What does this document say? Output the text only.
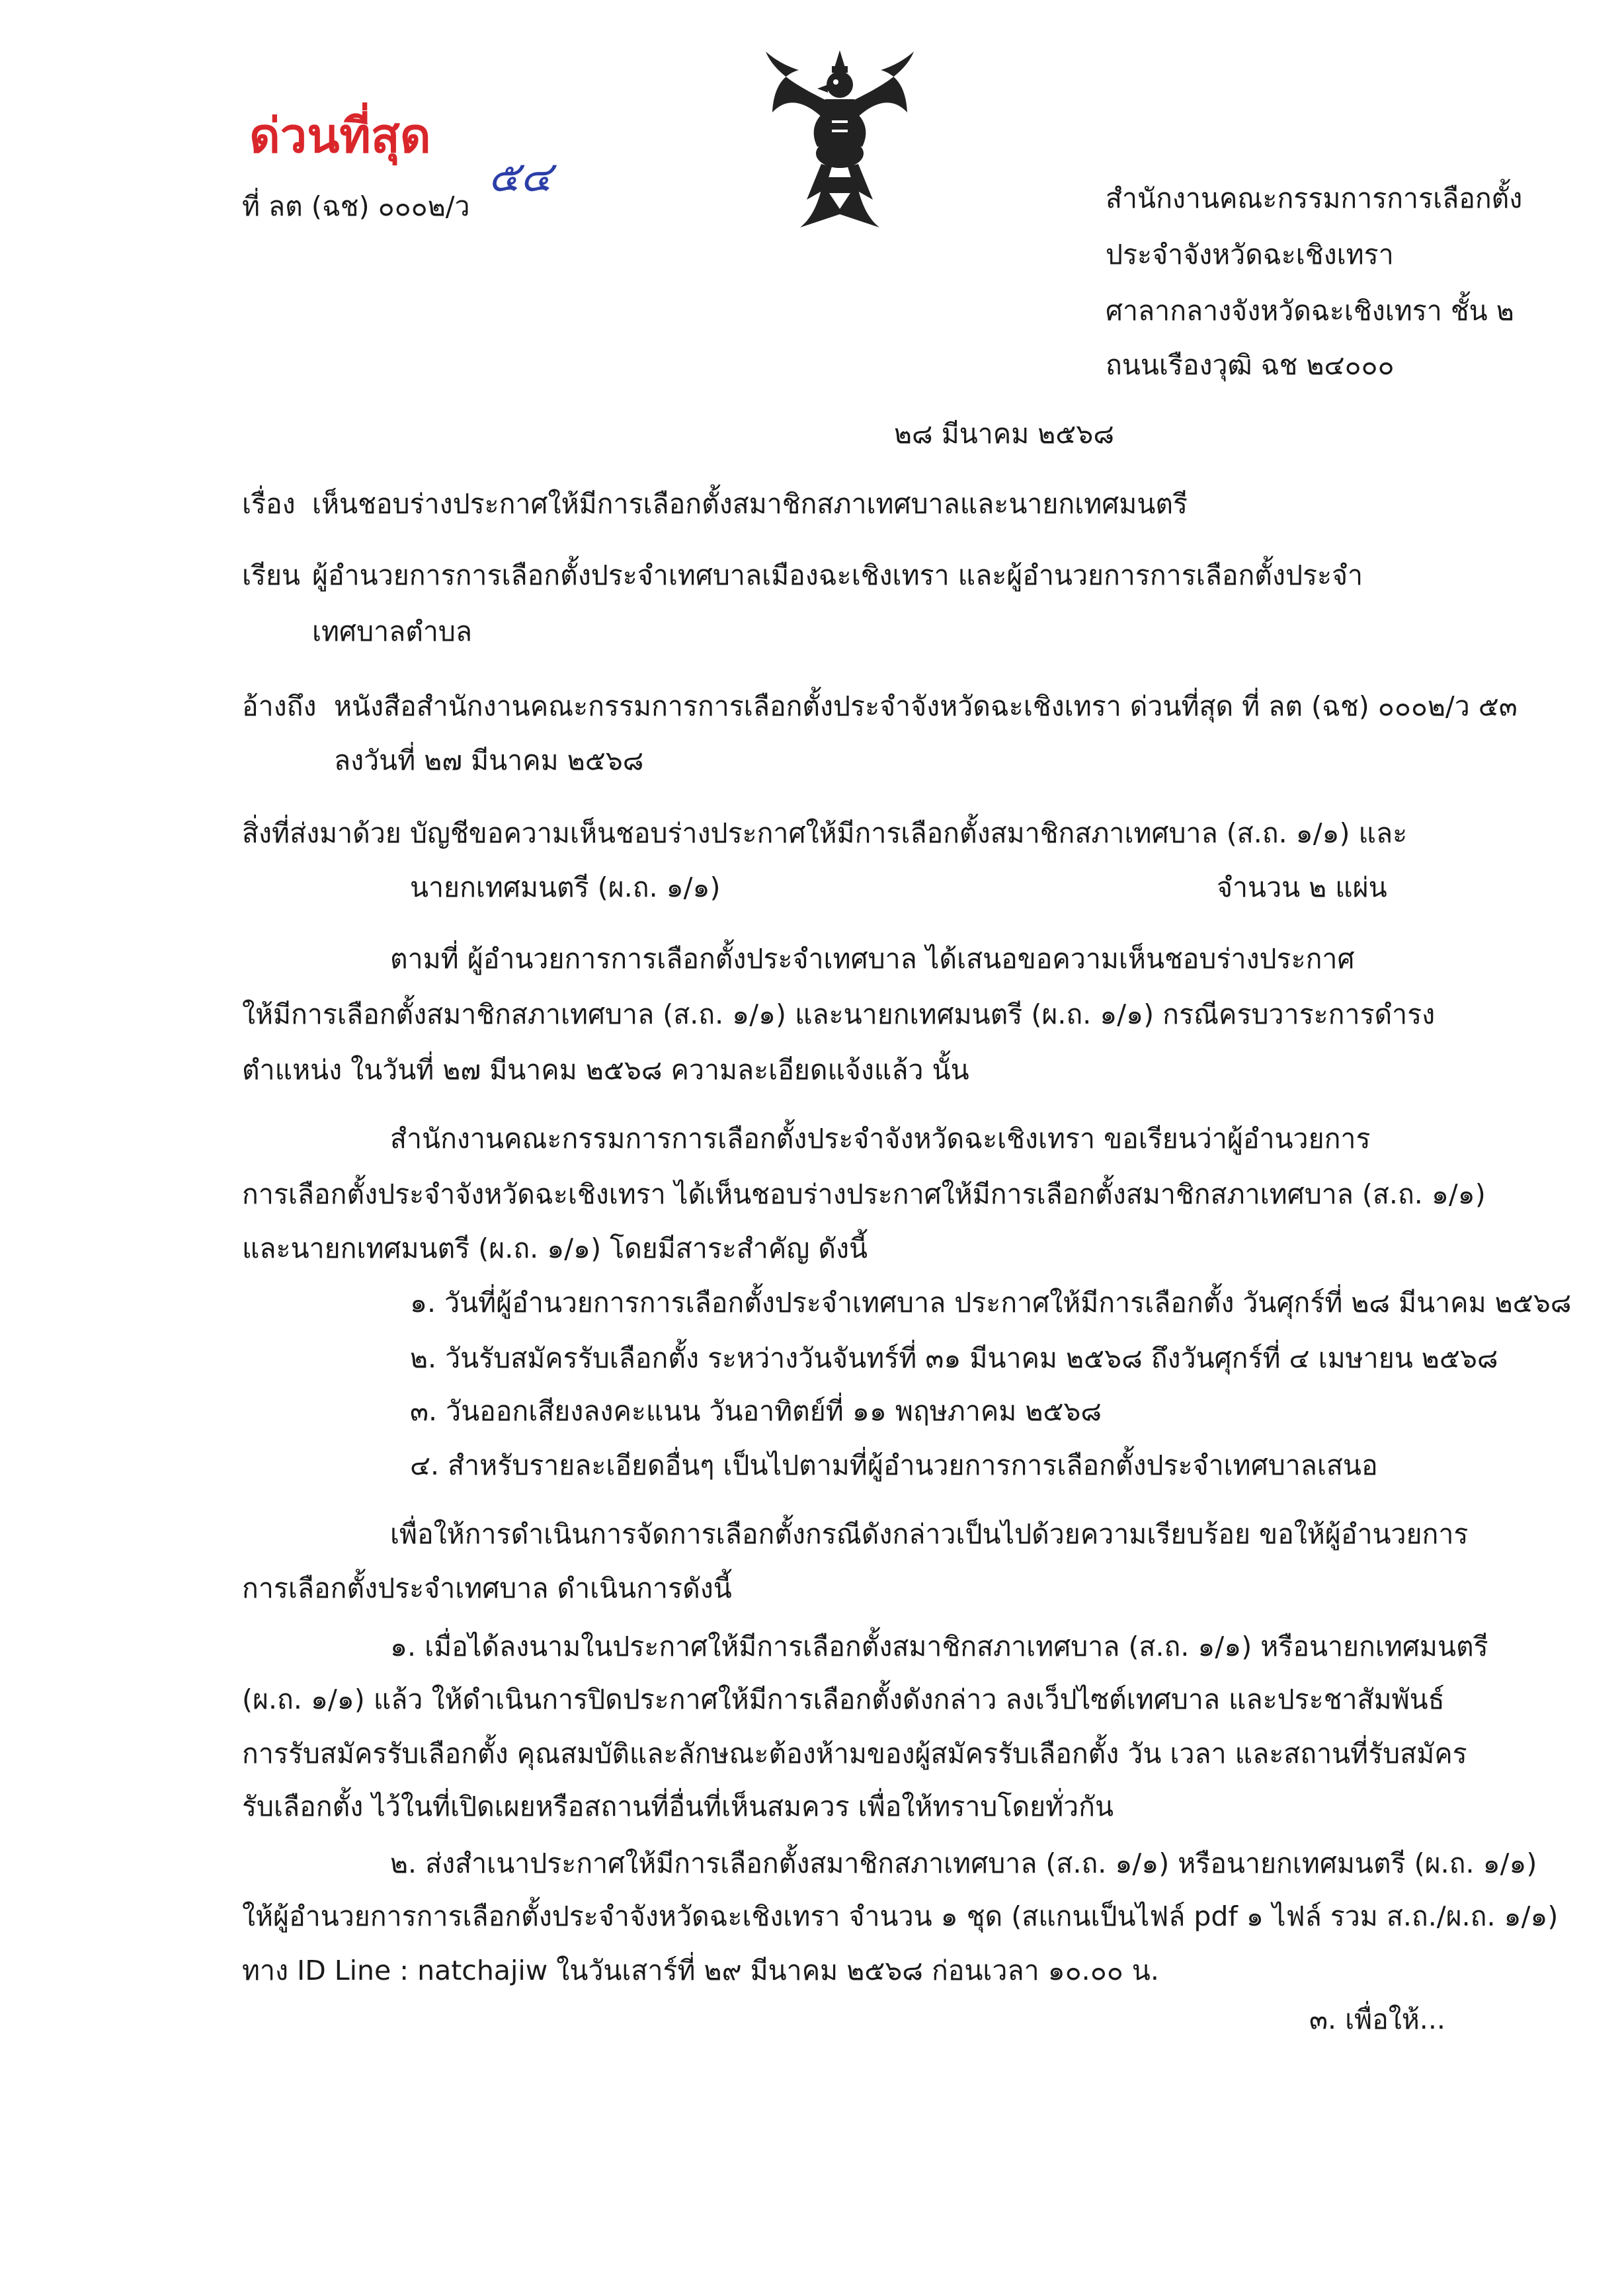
ด่วนที่สุด
ที่ ลต (ฉช) ๐๐๐๒/ว
๕๔	สำนักงานคณะกรรมการการเลือกตั้ง
ประจำจังหวัดฉะเชิงเทรา
ศาลากลางจังหวัดฉะเชิงเทรา ชั้น ๒
ถนนเรืองวุฒิ ฉช ๒๔๐๐๐
๒๘ มีนาคม ๒๕๖๘
เรื่อง เห็นชอบร่างประกาศให้มีการเลือกตั้งสมาชิกสภาเทศบาลและนายกเทศมนตรี
เรียน ผู้อำนวยการการเลือกตั้งประจำเทศบาลเมืองฉะเชิงเทรา และผู้อำนวยการการเลือกตั้งประจำ
เทศบาลตำบล
อ้างถึง หนังสือสำนักงานคณะกรรมการการเลือกตั้งประจำจังหวัดฉะเชิงเทรา ด่วนที่สุด ที่ ลต (ฉช) ๐๐๐๒/ว ๕๓
ลงวันที่ ๒๗ มีนาคม ๒๕๖๘
สิ่งที่ส่งมาด้วย บัญชีขอความเห็นชอบร่างประกาศให้มีการเลือกตั้งสมาชิกสภาเทศบาล (ส.ถ. ๑/๑) และ
นายกเทศมนตรี (ผ.ถ. ๑/๑)	จำนวน ๒ แผ่น
ตามที่ ผู้อำนวยการการเลือกตั้งประจำเทศบาล ได้เสนอขอความเห็นชอบร่างประกาศ
ให้มีการเลือกตั้งสมาชิกสภาเทศบาล (ส.ถ. ๑/๑) และนายกเทศมนตรี (ผ.ถ. ๑/๑) กรณีครบวาระการดำรง
ตำแหน่ง ในวันที่ ๒๗ มีนาคม ๒๕๖๘ ความละเอียดแจ้งแล้ว นั้น
สำนักงานคณะกรรมการการเลือกตั้งประจำจังหวัดฉะเชิงเทรา ขอเรียนว่าผู้อำนวยการ
การเลือกตั้งประจำจังหวัดฉะเชิงเทรา ได้เห็นชอบร่างประกาศให้มีการเลือกตั้งสมาชิกสภาเทศบาล (ส.ถ. ๑/๑)
และนายกเทศมนตรี (ผ.ถ. ๑/๑) โดยมีสาระสำคัญ ดังนี้
๑. วันที่ผู้อำนวยการการเลือกตั้งประจำเทศบาล ประกาศให้มีการเลือกตั้ง วันศุกร์ที่ ๒๘ มีนาคม ๒๕๖๘
๒. วันรับสมัครรับเลือกตั้ง ระหว่างวันจันทร์ที่ ๓๑ มีนาคม ๒๕๖๘ ถึงวันศุกร์ที่ ๔ เมษายน ๒๕๖๘
๓. วันออกเสียงลงคะแนน วันอาทิตย์ที่ ๑๑ พฤษภาคม ๒๕๖๘
๔. สำหรับรายละเอียดอื่นๆ เป็นไปตามที่ผู้อำนวยการการเลือกตั้งประจำเทศบาลเสนอ
เพื่อให้การดำเนินการจัดการเลือกตั้งกรณีดังกล่าวเป็นไปด้วยความเรียบร้อย ขอให้ผู้อำนวยการ
การเลือกตั้งประจำเทศบาล ดำเนินการดังนี้
๑. เมื่อได้ลงนามในประกาศให้มีการเลือกตั้งสมาชิกสภาเทศบาล (ส.ถ. ๑/๑) หรือนายกเทศมนตรี
(ผ.ถ. ๑/๑) แล้ว ให้ดำเนินการปิดประกาศให้มีการเลือกตั้งดังกล่าว ลงเว็ปไซต์เทศบาล และประชาสัมพันธ์
การรับสมัครรับเลือกตั้ง คุณสมบัติและลักษณะต้องห้ามของผู้สมัครรับเลือกตั้ง วัน เวลา และสถานที่รับสมัคร
รับเลือกตั้ง ไว้ในที่เปิดเผยหรือสถานที่อื่นที่เห็นสมควร เพื่อให้ทราบโดยทั่วกัน
๒. ส่งสำเนาประกาศให้มีการเลือกตั้งสมาชิกสภาเทศบาล (ส.ถ. ๑/๑) หรือนายกเทศมนตรี (ผ.ถ. ๑/๑)
ให้ผู้อำนวยการการเลือกตั้งประจำจังหวัดฉะเชิงเทรา จำนวน ๑ ชุด (สแกนเป็นไฟล์ pdf ๑ ไฟล์ รวม ส.ถ./ผ.ถ. ๑/๑)
ทาง ID Line : natchajiw ในวันเสาร์ที่ ๒๙ มีนาคม ๒๕๖๘ ก่อนเวลา ๑๐.๐๐ น.
๓. เพื่อให้...
